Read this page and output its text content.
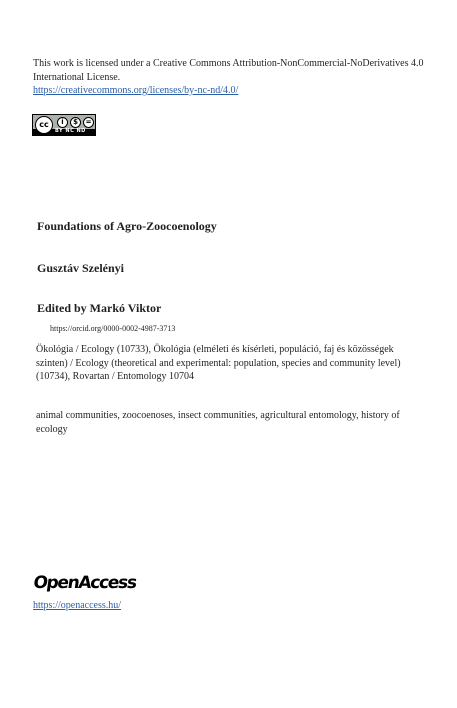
This work is licensed under a Creative Commons Attribution-NonCommercial-NoDerivatives 4.0 International License.
https://creativecommons.org/licenses/by-nc-nd/4.0/
cc	i	$	=
BY NC ND
Foundations of Agro-Zoocoenology
Gusztáv Szelényi
Edited by Markó Viktor
https://orcid.org/0000-0002-4987-3713
Ökológia / Ecology (10733), Ökológia (elméleti és kísérleti, populáció, faj és közösségek szinten) / Ecology (theoretical and experimental: population, species and community level) (10734), Rovartan / Entomology 10704
animal communities, zoocoenoses, insect communities, agricultural entomology, history of ecology
OpenAccess
https://openaccess.hu/
